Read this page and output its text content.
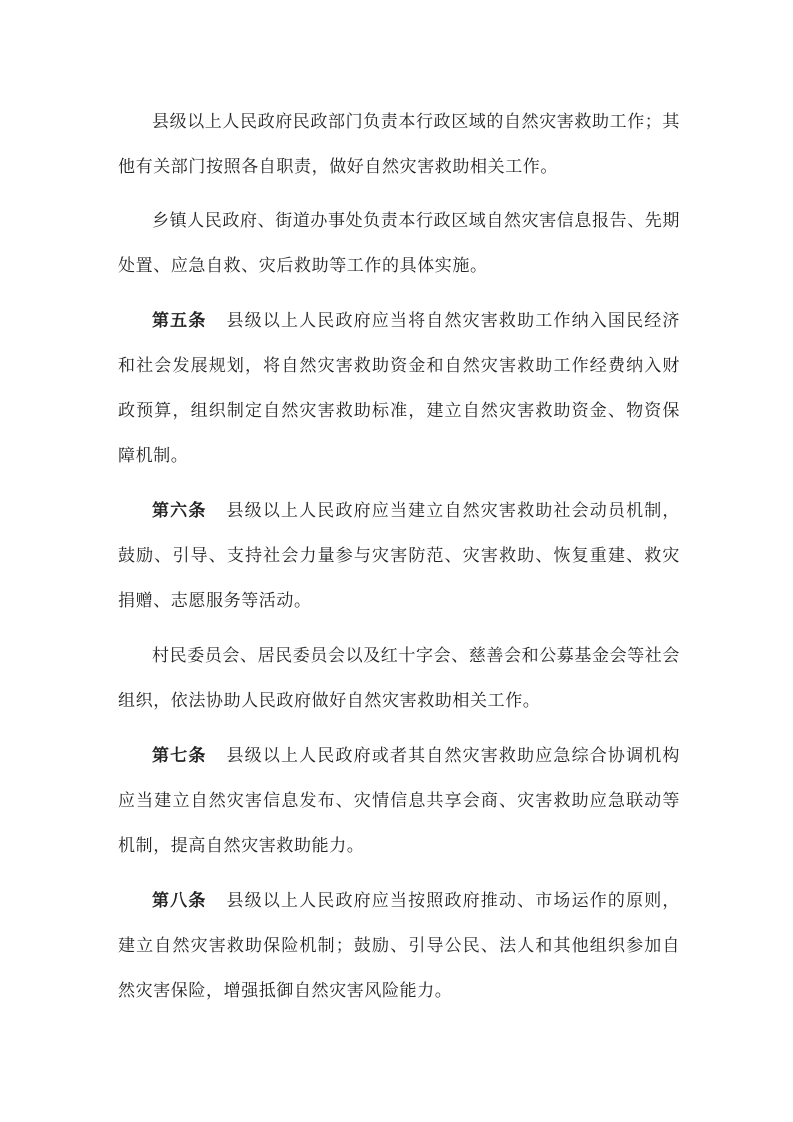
县级以上人民政府民政部门负责本行政区域的自然灾害救助工作；其他有关部门按照各自职责，做好自然灾害救助相关工作。

乡镇人民政府、街道办事处负责本行政区域自然灾害信息报告、先期处置、应急自救、灾后救助等工作的具体实施。

第五条 县级以上人民政府应当将自然灾害救助工作纳入国民经济和社会发展规划，将自然灾害救助资金和自然灾害救助工作经费纳入财政预算，组织制定自然灾害救助标准，建立自然灾害救助资金、物资保障机制。

第六条 县级以上人民政府应当建立自然灾害救助社会动员机制，鼓励、引导、支持社会力量参与灾害防范、灾害救助、恢复重建、救灾捐赠、志愿服务等活动。

村民委员会、居民委员会以及红十字会、慈善会和公募基金会等社会组织，依法协助人民政府做好自然灾害救助相关工作。

第七条 县级以上人民政府或者其自然灾害救助应急综合协调机构应当建立自然灾害信息发布、灾情信息共享会商、灾害救助应急联动等机制，提高自然灾害救助能力。

第八条 县级以上人民政府应当按照政府推动、市场运作的原则，建立自然灾害救助保险机制；鼓励、引导公民、法人和其他组织参加自然灾害保险，增强抵御自然灾害风险能力。
